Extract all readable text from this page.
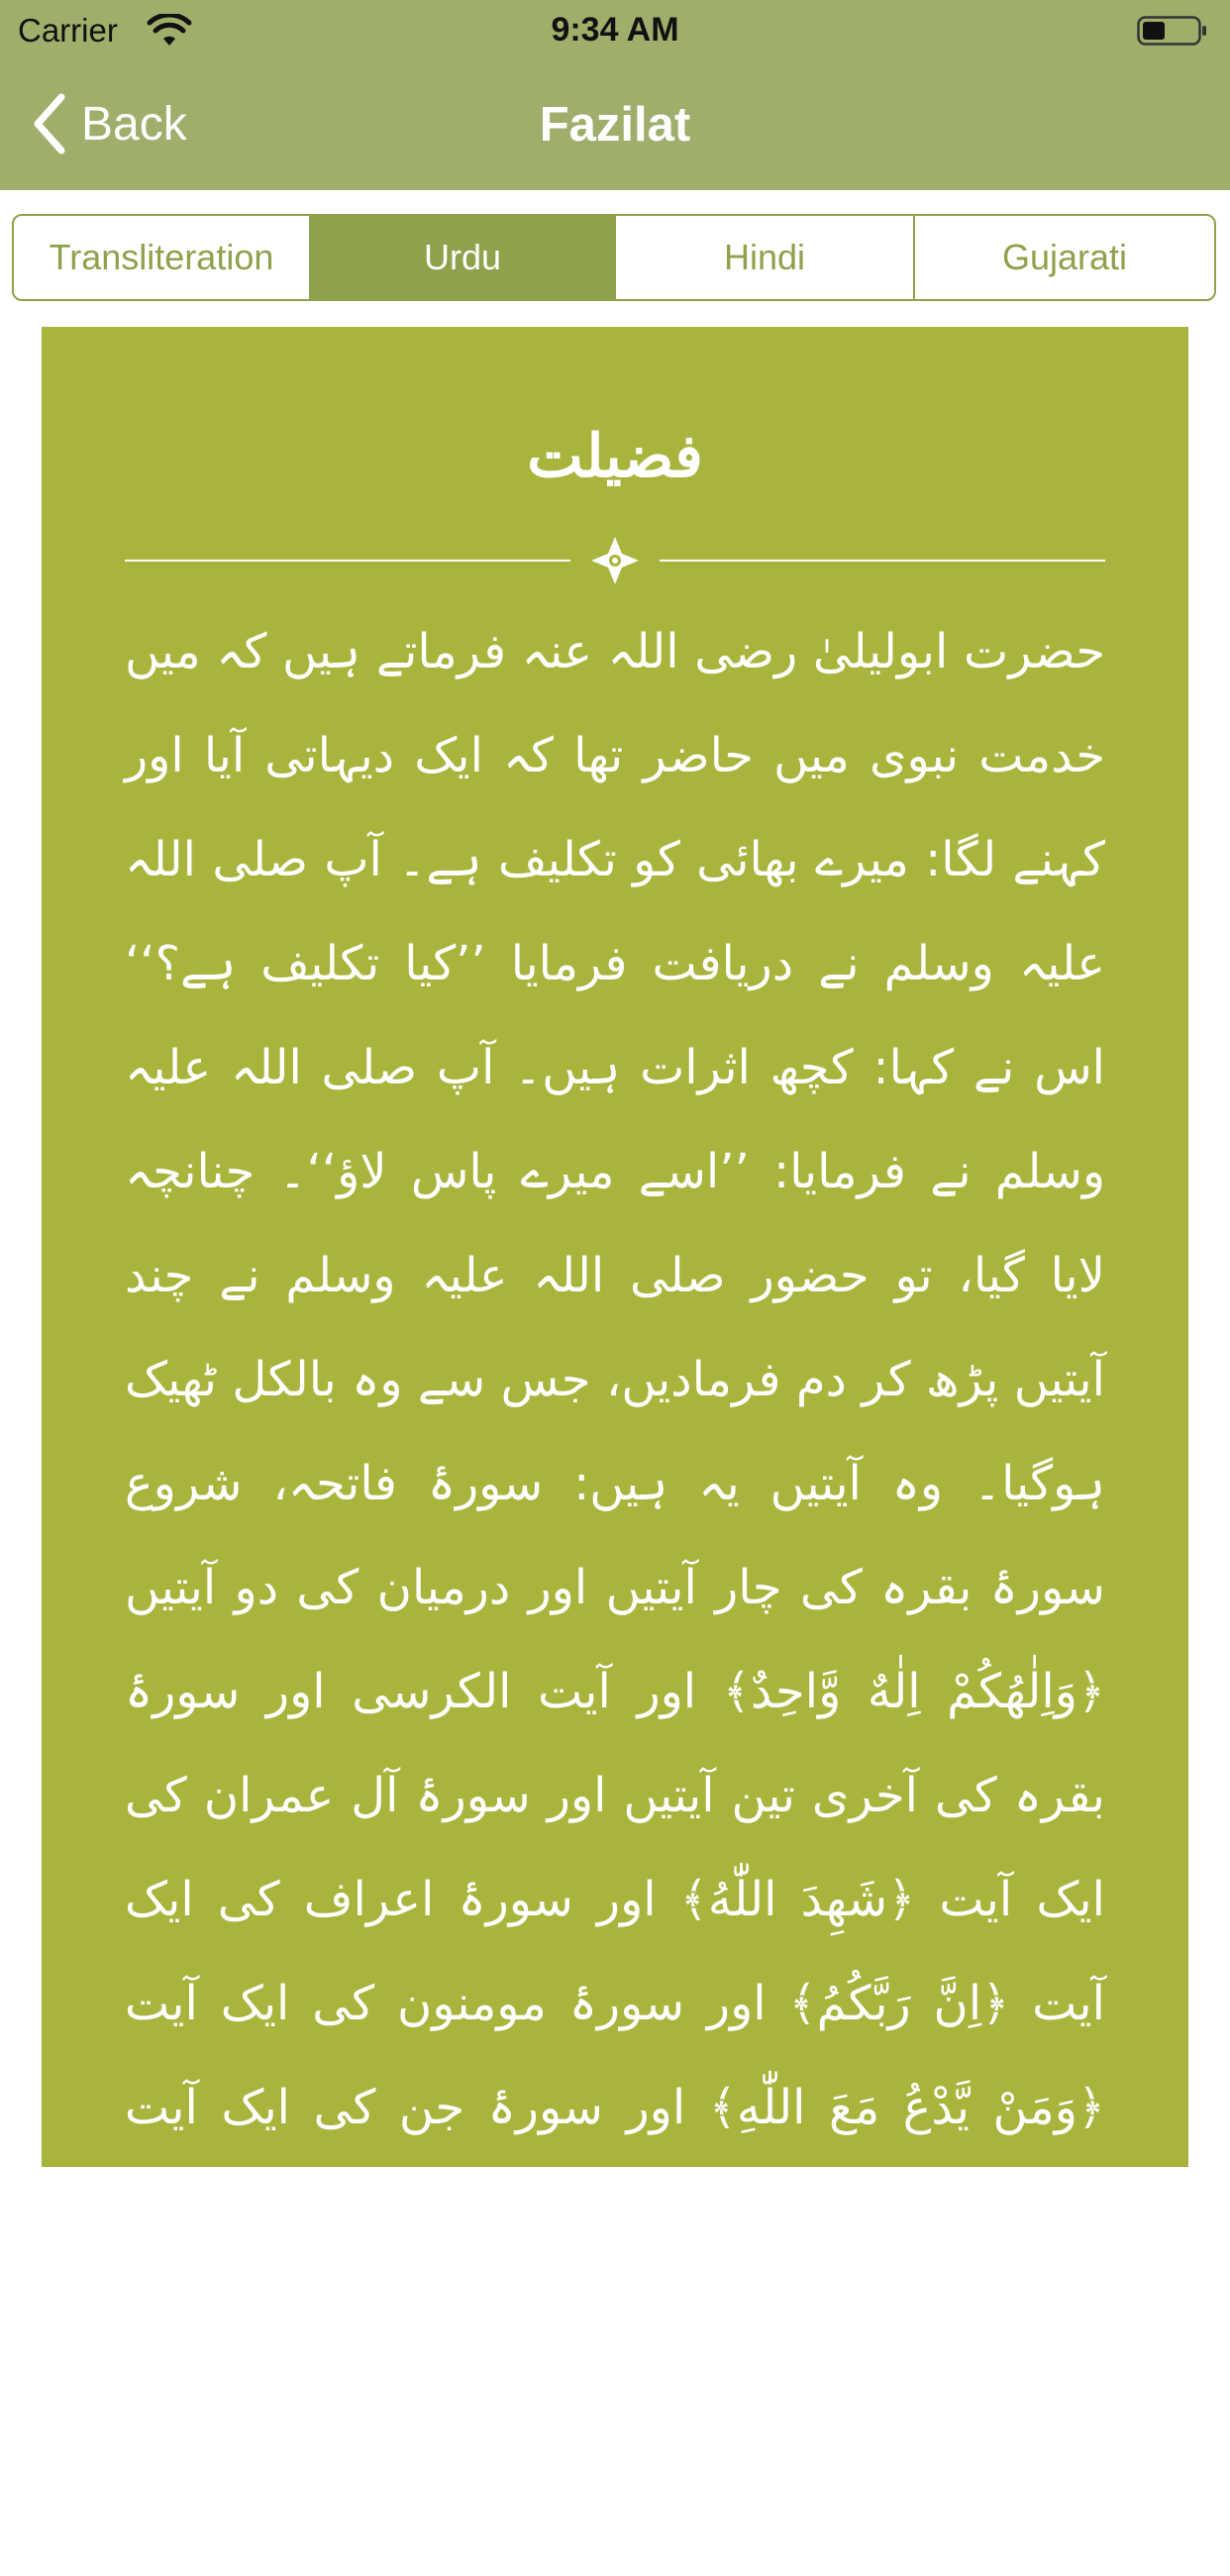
Carrier	9:34 AM
Back	Fazilat
Transliteration	Urdu	Hindi	Gujarati
فضیلت
حضرت ابولیلیٰ رضی اللہ عنہ فرماتے ہیں کہ میں خدمت نبوی میں حاضر تھا کہ ایک دیہاتی آیا اور کہنے لگا: میرے بھائی کو تکلیف ہے۔ آپ صلی اللہ علیہ وسلم نے دریافت فرمایا ’’کیا تکلیف ہے؟‘‘ اس نے کہا: کچھ اثرات ہیں۔ آپ صلی اللہ علیہ وسلم نے فرمایا: ’’اسے میرے پاس لاؤ‘‘۔ چنانچہ لایا گیا، تو حضور صلی اللہ علیہ وسلم نے چند آیتیں پڑھ کر دم فرمادیں، جس سے وہ بالکل ٹھیک ہوگیا۔ وہ آیتیں یہ ہیں: سورۂ فاتحہ، شروع سورۂ بقرہ کی چار آیتیں اور درمیان کی دو آیتیں ﴿وَاِلٰهُكُمْ اِلٰهٌ وَّاحِدٌ﴾ اور آیت الکرسی اور سورۂ بقرہ کی آخری تین آیتیں اور سورۂ آل عمران کی ایک آیت ﴿شَهِدَ اللّٰهُ﴾ اور سورۂ اعراف کی ایک آیت ﴿اِنَّ رَبَّكُمُ﴾ اور سورۂ مومنون کی ایک آیت ﴿وَمَنْ يَّدْعُ مَعَ اللّٰهِ﴾ اور سورۂ جن کی ایک آیت ﴿وَاَنَّهٗ تَعٰلٰى﴾ اور شروع سورۂ صافات کی دس آیتیں اور سورۂ حشر کی آخری تین آیتیں پھر ﴿قُلْ هُوَ اللّٰهُ اَحَدٌ﴾ ﴿قُلْ اَعُوْذُ بِرَبِّ الْفَلَقِ﴾ ﴿قُلْ اَعُوْذُ بِرَبِّ النَّاسِ﴾۔ [ابن ماجہ: ۳۵۴۹]
